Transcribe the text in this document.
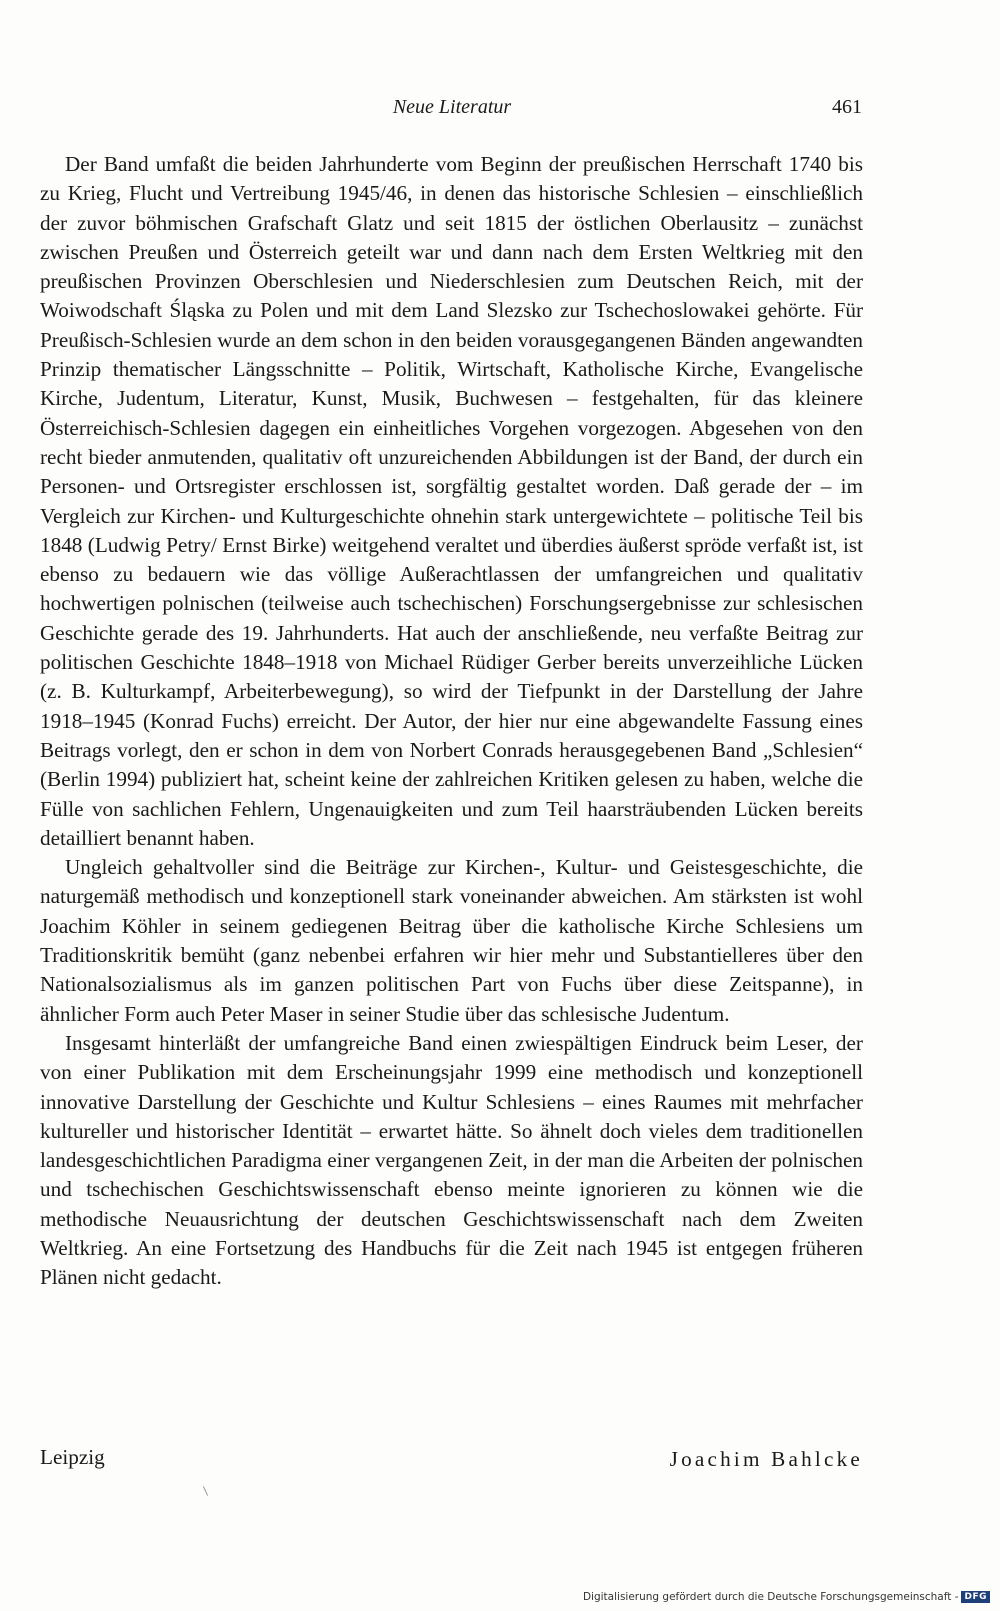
Neue Literatur	461

Der Band umfaßt die beiden Jahrhunderte vom Beginn der preußischen Herrschaft 1740 bis zu Krieg, Flucht und Vertreibung 1945/46, in denen das historische Schlesien – einschließlich der zuvor böhmischen Grafschaft Glatz und seit 1815 der östlichen Oberlausitz – zunächst zwischen Preußen und Österreich geteilt war und dann nach dem Ersten Weltkrieg mit den preußischen Provinzen Oberschlesien und Niederschlesien zum Deutschen Reich, mit der Woiwodschaft Śląska zu Polen und mit dem Land Slezsko zur Tschechoslowakei gehörte. Für Preußisch-Schlesien wurde an dem schon in den beiden vorausgegangenen Bänden angewandten Prinzip thematischer Längsschnitte – Politik, Wirtschaft, Katholische Kirche, Evangelische Kirche, Judentum, Literatur, Kunst, Musik, Buchwesen – festgehalten, für das kleinere Österreichisch-Schlesien dagegen ein einheitliches Vorgehen vorgezogen. Abgesehen von den recht bieder anmutenden, qualitativ oft unzureichenden Abbildungen ist der Band, der durch ein Personen- und Ortsregister erschlossen ist, sorgfältig gestaltet worden. Daß gerade der – im Vergleich zur Kirchen- und Kulturgeschichte ohnehin stark untergewichtete – politische Teil bis 1848 (Ludwig Petry/ Ernst Birke) weitgehend veraltet und überdies äußerst spröde verfaßt ist, ist ebenso zu bedauern wie das völlige Außerachtlassen der umfangreichen und qualitativ hochwertigen polnischen (teilweise auch tschechischen) Forschungsergebnisse zur schlesischen Geschichte gerade des 19. Jahrhunderts. Hat auch der anschließende, neu verfaßte Beitrag zur politischen Geschichte 1848–1918 von Michael Rüdiger Gerber bereits unverzeihliche Lücken (z. B. Kulturkampf, Arbeiterbewegung), so wird der Tiefpunkt in der Darstellung der Jahre 1918–1945 (Konrad Fuchs) erreicht. Der Autor, der hier nur eine abgewandelte Fassung eines Beitrags vorlegt, den er schon in dem von Norbert Conrads herausgegebenen Band „Schlesien“ (Berlin 1994) publiziert hat, scheint keine der zahlreichen Kritiken gelesen zu haben, welche die Fülle von sachlichen Fehlern, Ungenauigkeiten und zum Teil haarsträubenden Lücken bereits detailliert benannt haben.

Ungleich gehaltvoller sind die Beiträge zur Kirchen-, Kultur- und Geistesgeschichte, die naturgemäß methodisch und konzeptionell stark voneinander abweichen. Am stärksten ist wohl Joachim Köhler in seinem gediegenen Beitrag über die katholische Kirche Schlesiens um Traditionskritik bemüht (ganz nebenbei erfahren wir hier mehr und Substantielleres über den Nationalsozialismus als im ganzen politischen Part von Fuchs über diese Zeitspanne), in ähnlicher Form auch Peter Maser in seiner Studie über das schlesische Judentum.

Insgesamt hinterläßt der umfangreiche Band einen zwiespältigen Eindruck beim Leser, der von einer Publikation mit dem Erscheinungsjahr 1999 eine methodisch und konzeptionell innovative Darstellung der Geschichte und Kultur Schlesiens – eines Raumes mit mehrfacher kultureller und historischer Identität – erwartet hätte. So ähnelt doch vieles dem traditionellen landesgeschichtlichen Paradigma einer vergangenen Zeit, in der man die Arbeiten der polnischen und tschechischen Geschichtswissenschaft ebenso meinte ignorieren zu können wie die methodische Neuausrichtung der deutschen Geschichtswissenschaft nach dem Zweiten Weltkrieg. An eine Fortsetzung des Handbuchs für die Zeit nach 1945 ist entgegen früheren Plänen nicht gedacht.

Leipzig	Joachim Bahlcke
Digitalisierung gefördert durch die Deutsche Forschungsgemeinschaft - DFG
